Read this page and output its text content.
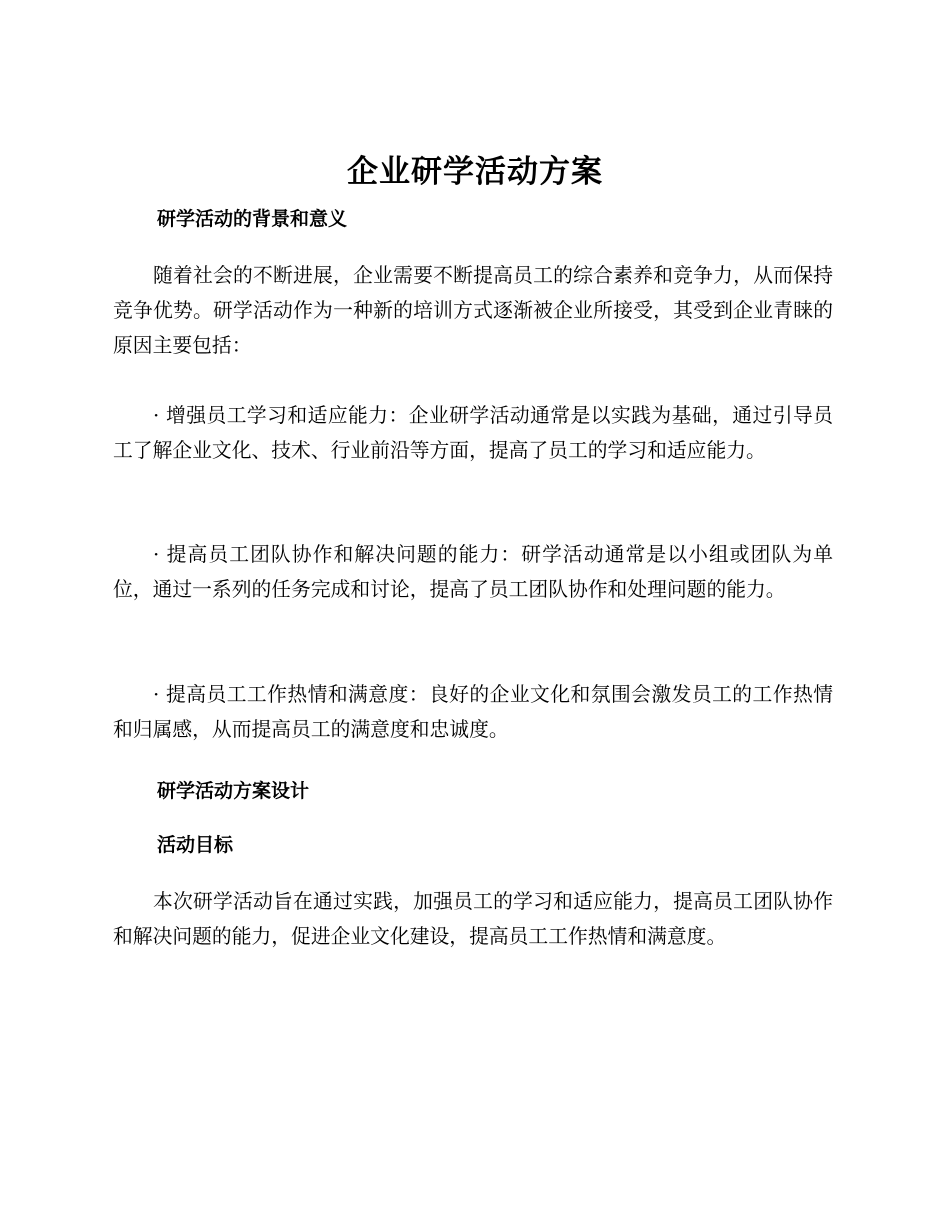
企业研学活动方案
研学活动的背景和意义

随着社会的不断进展，企业需要不断提高员工的综合素养和竞争力，从而保持竞争优势。研学活动作为一种新的培训方式逐渐被企业所接受，其受到企业青睐的原因主要包括：

· 增强员工学习和适应能力：企业研学活动通常是以实践为基础，通过引导员工了解企业文化、技术、行业前沿等方面，提高了员工的学习和适应能力。

· 提高员工团队协作和解决问题的能力：研学活动通常是以小组或团队为单位，通过一系列的任务完成和讨论，提高了员工团队协作和处理问题的能力。

· 提高员工工作热情和满意度：良好的企业文化和氛围会激发员工的工作热情和归属感，从而提高员工的满意度和忠诚度。

研学活动方案设计
活动目标

本次研学活动旨在通过实践，加强员工的学习和适应能力，提高员工团队协作和解决问题的能力，促进企业文化建设，提高员工工作热情和满意度。
